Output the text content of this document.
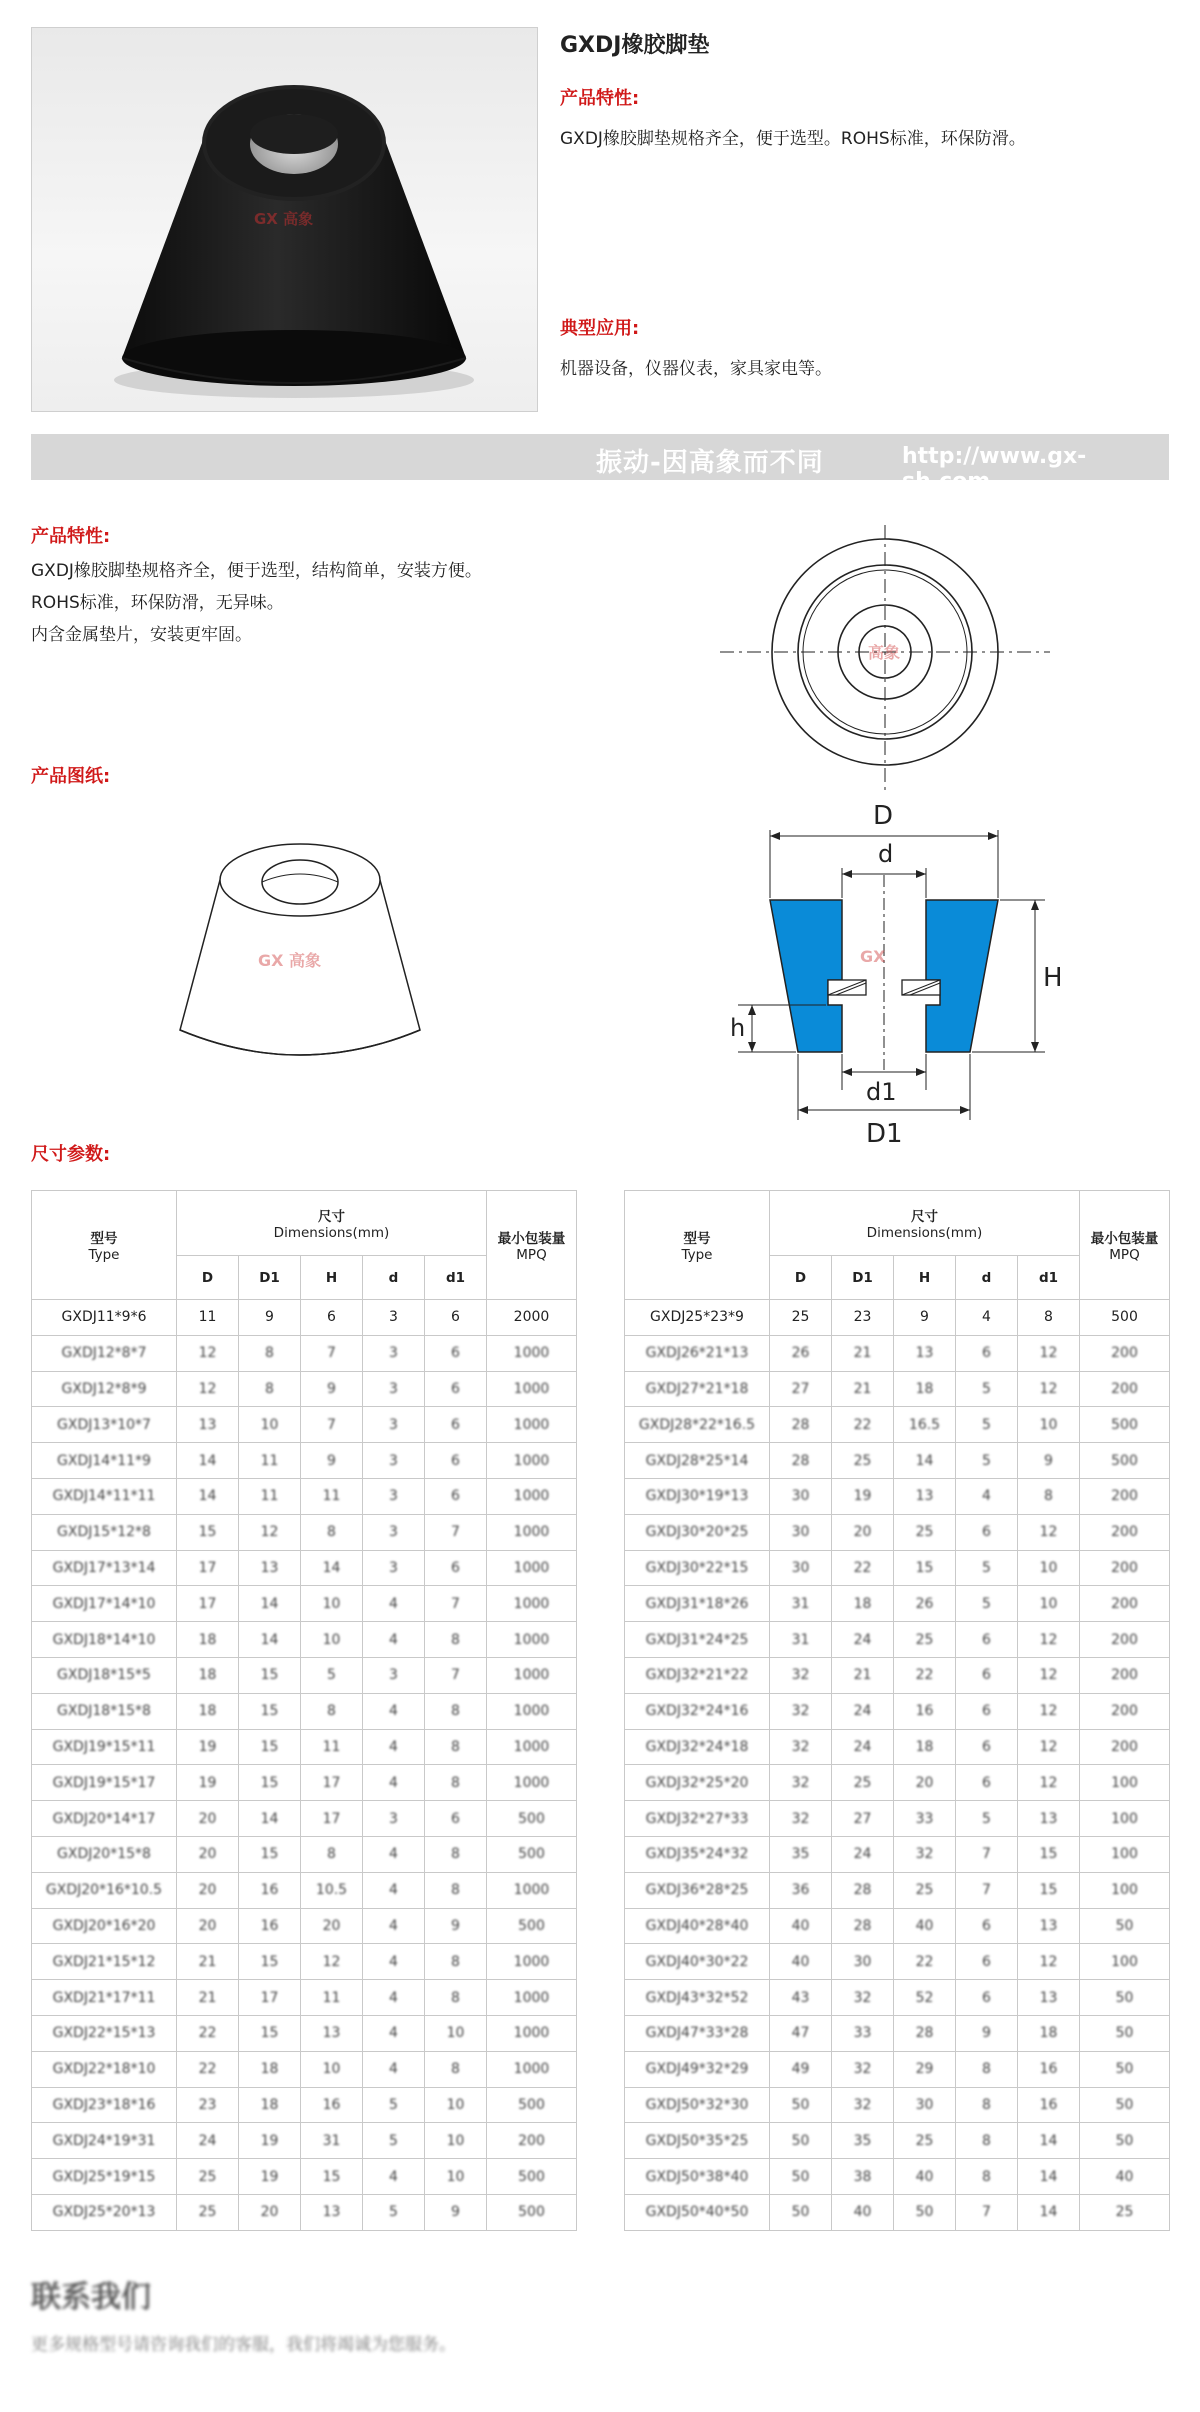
GX 高象
GXDJ橡胶脚垫
产品特性:
GXDJ橡胶脚垫规格齐全，便于选型。ROHS标准，环保防滑。
典型应用:
机器设备，仪器仪表，家具家电等。
振动-因高象而不同	http://www.gx-sh.com
产品特性:
GXDJ橡胶脚垫规格齐全，便于选型，结构简单，安装方便。
ROHS标准，环保防滑，无异味。
内含金属垫片，安装更牢固。
产品图纸:
高象
GX 高象
D
d
H
h
d1
D1
GX
尺寸参数:
型号
Type	尺寸
Dimensions(mm)					最小包装量
MPQ
	D	D1	H	d	d1	
GXDJ11*9*6	11	9	6	3	6	2000
GXDJ12*8*7	12	8	7	3	6	1000
GXDJ12*8*9	12	8	9	3	6	1000
GXDJ13*10*7	13	10	7	3	6	1000
GXDJ14*11*9	14	11	9	3	6	1000
GXDJ14*11*11	14	11	11	3	6	1000
GXDJ15*12*8	15	12	8	3	7	1000
GXDJ17*13*14	17	13	14	3	6	1000
GXDJ17*14*10	17	14	10	4	7	1000
GXDJ18*14*10	18	14	10	4	8	1000
GXDJ18*15*5	18	15	5	3	7	1000
GXDJ18*15*8	18	15	8	4	8	1000
GXDJ19*15*11	19	15	11	4	8	1000
GXDJ19*15*17	19	15	17	4	8	1000
GXDJ20*14*17	20	14	17	3	6	500
GXDJ20*15*8	20	15	8	4	8	500
GXDJ20*16*10.5	20	16	10.5	4	8	1000
GXDJ20*16*20	20	16	20	4	9	500
GXDJ21*15*12	21	15	12	4	8	1000
GXDJ21*17*11	21	17	11	4	8	1000
GXDJ22*15*13	22	15	13	4	10	1000
GXDJ22*18*10	22	18	10	4	8	1000
GXDJ23*18*16	23	18	16	5	10	500
GXDJ24*19*31	24	19	31	5	10	200
GXDJ25*19*15	25	19	15	4	10	500
GXDJ25*20*13	25	20	13	5	9	500
型号
Type	尺寸
Dimensions(mm)					最小包装量
MPQ
	D	D1	H	d	d1	
GXDJ25*23*9	25	23	9	4	8	500
GXDJ26*21*13	26	21	13	6	12	200
GXDJ27*21*18	27	21	18	5	12	200
GXDJ28*22*16.5	28	22	16.5	5	10	500
GXDJ28*25*14	28	25	14	5	9	500
GXDJ30*19*13	30	19	13	4	8	200
GXDJ30*20*25	30	20	25	6	12	200
GXDJ30*22*15	30	22	15	5	10	200
GXDJ31*18*26	31	18	26	5	10	200
GXDJ31*24*25	31	24	25	6	12	200
GXDJ32*21*22	32	21	22	6	12	200
GXDJ32*24*16	32	24	16	6	12	200
GXDJ32*24*18	32	24	18	6	12	200
GXDJ32*25*20	32	25	20	6	12	100
GXDJ32*27*33	32	27	33	5	13	100
GXDJ35*24*32	35	24	32	7	15	100
GXDJ36*28*25	36	28	25	7	15	100
GXDJ40*28*40	40	28	40	6	13	50
GXDJ40*30*22	40	30	22	6	12	100
GXDJ43*32*52	43	32	52	6	13	50
GXDJ47*33*28	47	33	28	9	18	50
GXDJ49*32*29	49	32	29	8	16	50
GXDJ50*32*30	50	32	30	8	16	50
GXDJ50*35*25	50	35	25	8	14	50
GXDJ50*38*40	50	38	40	8	14	40
GXDJ50*40*50	50	40	50	7	14	25
联系我们
更多规格型号请咨询我们的客服，我们将竭诚为您服务。
